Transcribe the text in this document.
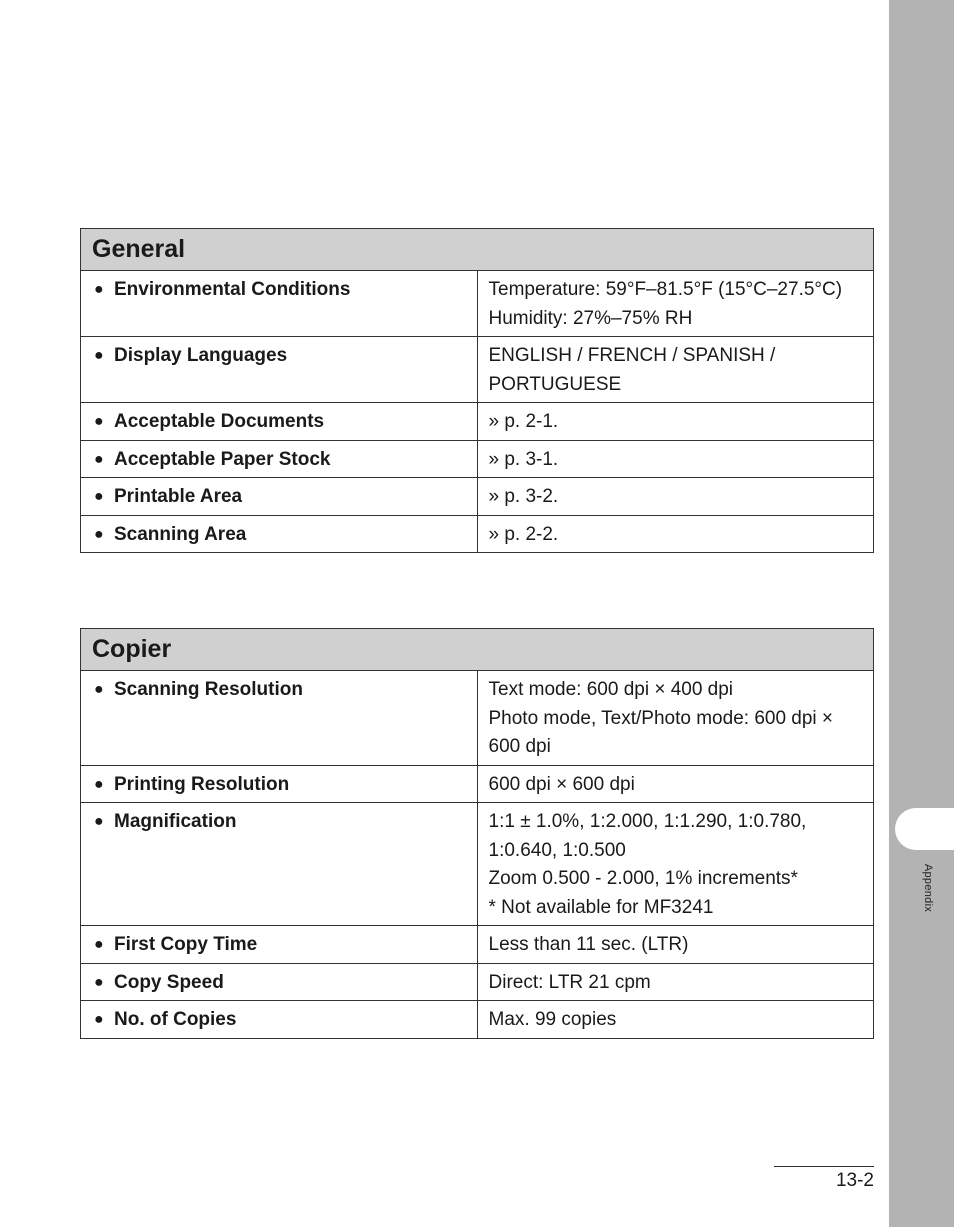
Appendix
General	

● Environmental Conditions	Temperature: 59°F–81.5°F (15°C–27.5°C)
Humidity: 27%–75% RH

● Display Languages	ENGLISH / FRENCH / SPANISH / PORTUGUESE

● Acceptable Documents	» p. 2-1.

● Acceptable Paper Stock	» p. 3-1.

● Printable Area	» p. 3-2.

● Scanning Area	» p. 2-2.
Copier	

● Scanning Resolution	Text mode: 600 dpi × 400 dpi
Photo mode, Text/Photo mode: 600 dpi × 600 dpi

● Printing Resolution	600 dpi × 600 dpi

● Magnification	1:1 ± 1.0%, 1:2.000, 1:1.290, 1:0.780, 1:0.640, 1:0.500
Zoom 0.500 - 2.000, 1% increments*
* Not available for MF3241

● First Copy Time	Less than 11 sec. (LTR)

● Copy Speed	Direct: LTR 21 cpm

● No. of Copies	Max. 99 copies
13-2
